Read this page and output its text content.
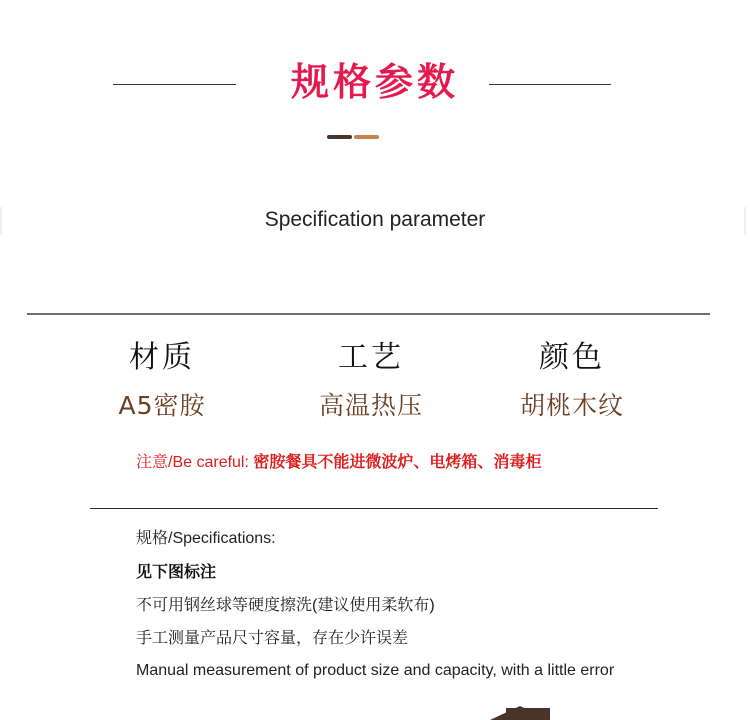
规格参数
Specification parameter
材质
A5密胺
工艺
高温热压
颜色
胡桃木纹
注意/Be careful: 密胺餐具不能进微波炉、电烤箱、消毒柜
规格/Specifications:
见下图标注
不可用钢丝球等硬度擦洗(建议使用柔软布)
手工测量产品尺寸容量，存在少许误差
Manual measurement of product size and capacity, with a little error
